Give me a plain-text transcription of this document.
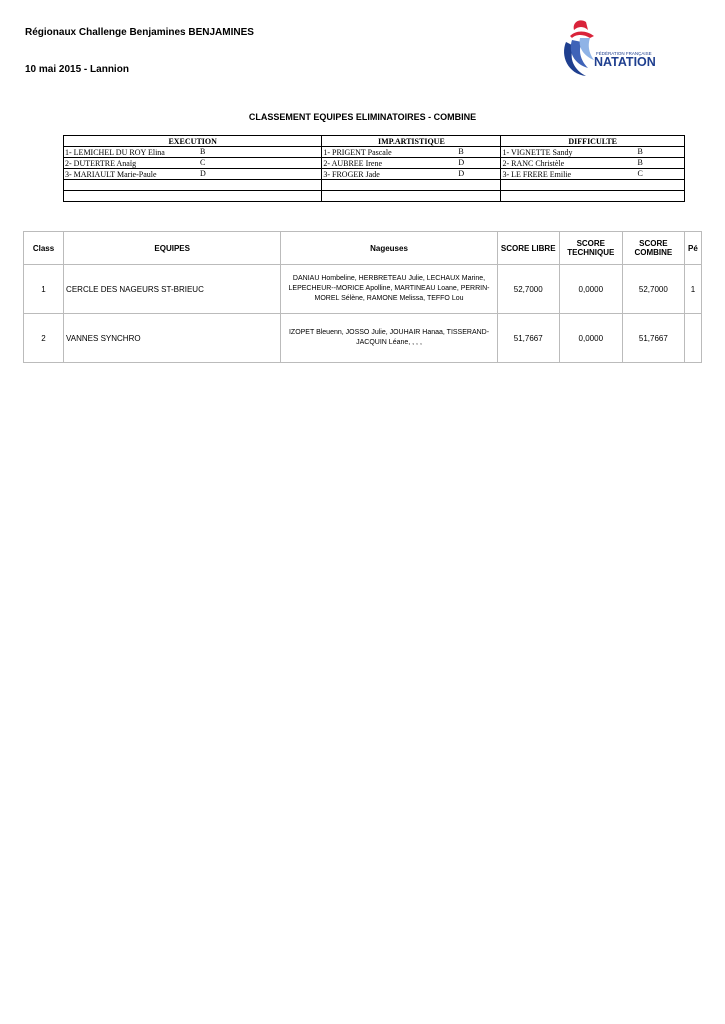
Régionaux Challenge Benjamines BENJAMINES
10 mai 2015 - Lannion
FÉDÉRATION FRANÇAISE
NATATION
CLASSEMENT EQUIPES ELIMINATOIRES - COMBINE
EXECUTION	IMP.ARTISTIQUE	DIFFICULTE
1- LEMICHEL DU ROY Elina B	1- PRIGENT Pascale B	1- VIGNETTE Sandy B

2- DUTERTRE Anaïg C	2- AUBREE Irene D	2- RANC Christèle B

3- MARIAULT Marie-Paule D	3- FROGER Jade D	3- LE FRERE Emilie C

Class	EQUIPES	Nageuses	SCORE LIBRE	SCORE TECHNIQUE	SCORE COMBINE	Pé
1	CERCLE DES NAGEURS ST-BRIEUC	DANIAU Hombeline, HERBRETEAU Julie, LECHAUX Marine, LEPECHEUR--MORICE Apolline, MARTINEAU Loane, PERRIN-MOREL Sélène, RAMONE Melissa, TEFFO Lou	52,7000	0,0000	52,7000	1
2	VANNES SYNCHRO	IZOPET Bleuenn, JOSSO Julie, JOUHAIR Hanaa, TISSERAND-JACQUIN Léane, , , ,	51,7667	0,0000	51,7667	
